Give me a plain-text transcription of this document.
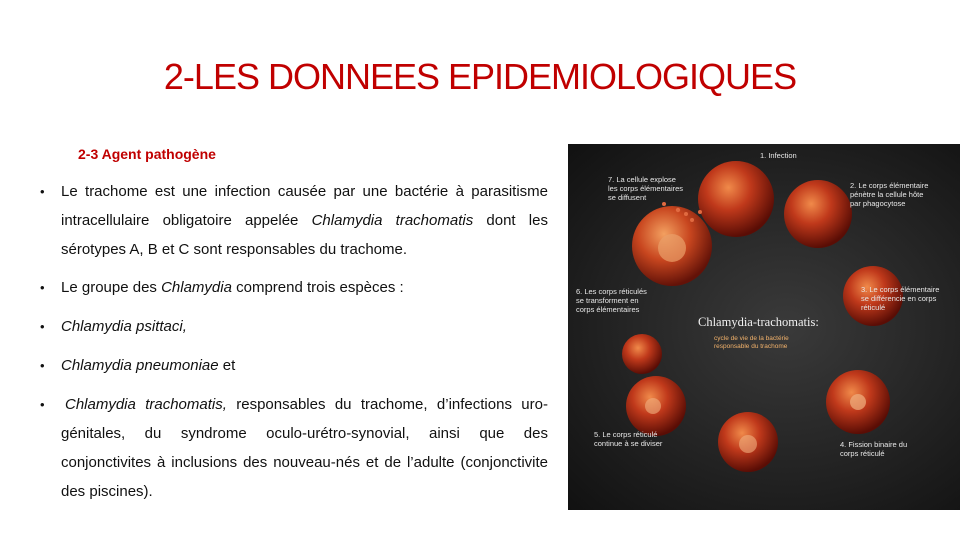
2-LES DONNEES EPIDEMIOLOGIQUES
2-3 Agent pathogène
• Le trachome est une infection causée par une bactérie à parasitisme intracellulaire obligatoire appelée Chlamydia trachomatis dont les sérotypes A, B et C sont responsables du trachome.
• Le groupe des Chlamydia comprend trois espèces :
• Chlamydia psittaci,
• Chlamydia pneumoniae et
• Chlamydia trachomatis, responsables du trachome, d’infections uro-génitales, du syndrome oculo-urétro-synovial, ainsi que des conjonctivites à inclusions des nouveau-nés et de l’adulte (conjonctivite des piscines).
1. Infection
2. Le corps élémentaire
pénètre la cellule hôte
par phagocytose
3. Le corps élémentaire
se différencie en corps
réticulé
4. Fission binaire du
corps réticulé
5. Le corps réticulé
continue à se diviser
6. Les corps réticulés
se transforment en
corps élémentaires
7. La cellule explose
les corps élémentaires
se diffusent
Chlamydia-trachomatis:
cycle de vie de la bactérie
responsable du trachome
